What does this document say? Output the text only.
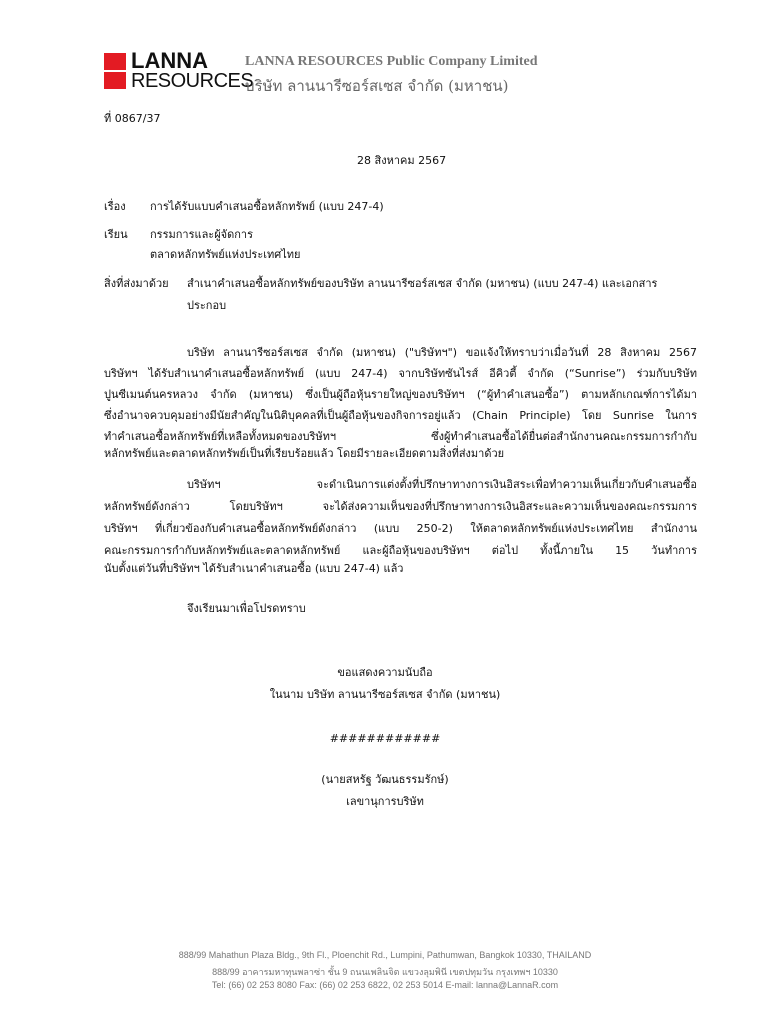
LANNA
RESOURCES
LANNA RESOURCES Public Company Limited
บริษัท ลานนารีซอร์สเซส จำกัด (มหาชน)
ที่ 0867/37
28 สิงหาคม 2567
เรื่อง การได้รับแบบคำเสนอซื้อหลักทรัพย์ (แบบ 247-4)
เรียน กรรมการและผู้จัดการ
ตลาดหลักทรัพย์แห่งประเทศไทย
สิ่งที่ส่งมาด้วย สำเนาคำเสนอซื้อหลักทรัพย์ของบริษัท ลานนารีซอร์สเซส จำกัด (มหาชน) (แบบ 247-4) และเอกสาร
ประกอบ
บริษัท ลานนารีซอร์สเซส จำกัด (มหาชน) ("บริษัทฯ") ขอแจ้งให้ทราบว่าเมื่อวันที่ 28 สิงหาคม 2567
บริษัทฯ ได้รับสำเนาคำเสนอซื้อหลักทรัพย์ (แบบ 247-4) จากบริษัทซันไรส์ อีคิวตี้ จำกัด (“Sunrise”) ร่วมกับบริษัท
ปูนซีเมนต์นครหลวง จำกัด (มหาชน) ซึ่งเป็นผู้ถือหุ้นรายใหญ่ของบริษัทฯ (“ผู้ทำคำเสนอซื้อ”) ตามหลักเกณฑ์การได้มา
ซึ่งอำนาจควบคุมอย่างมีนัยสำคัญในนิติบุคคลที่เป็นผู้ถือหุ้นของกิจการอยู่แล้ว (Chain Principle) โดย Sunrise ในการ
ทำคำเสนอซื้อหลักทรัพย์ที่เหลือทั้งหมดของบริษัทฯ ซึ่งผู้ทำคำเสนอซื้อได้ยื่นต่อสำนักงานคณะกรรมการกำกับ
หลักทรัพย์และตลาดหลักทรัพย์เป็นที่เรียบร้อยแล้ว โดยมีรายละเอียดตามสิ่งที่ส่งมาด้วย
บริษัทฯ จะดำเนินการแต่งตั้งที่ปรึกษาทางการเงินอิสระเพื่อทำความเห็นเกี่ยวกับคำเสนอซื้อ
หลักทรัพย์ดังกล่าว โดยบริษัทฯ จะได้ส่งความเห็นของที่ปรึกษาทางการเงินอิสระและความเห็นของคณะกรรมการ
บริษัทฯ ที่เกี่ยวข้องกับคำเสนอซื้อหลักทรัพย์ดังกล่าว (แบบ 250-2) ให้ตลาดหลักทรัพย์แห่งประเทศไทย สำนักงาน
คณะกรรมการกำกับหลักทรัพย์และตลาดหลักทรัพย์ และผู้ถือหุ้นของบริษัทฯ ต่อไป ทั้งนี้ภายใน 15 วันทำการ
นับตั้งแต่วันที่บริษัทฯ ได้รับสำเนาคำเสนอซื้อ (แบบ 247-4) แล้ว
จึงเรียนมาเพื่อโปรดทราบ
ขอแสดงความนับถือ
ในนาม บริษัท ลานนารีซอร์สเซส จำกัด (มหาชน)
############
(นายสหรัฐ วัฒนธรรมรักษ์)
เลขานุการบริษัท
888/99 Mahathun Plaza Bldg., 9th Fl., Ploenchit Rd., Lumpini, Pathumwan, Bangkok 10330, THAILAND
888/99 อาคารมหาทุนพลาซ่า ชั้น 9 ถนนเพลินจิต แขวงลุมพินี เขตปทุมวัน กรุงเทพฯ 10330
Tel: (66) 02 253 8080 Fax: (66) 02 253 6822, 02 253 5014 E-mail: lanna@LannaR.com
